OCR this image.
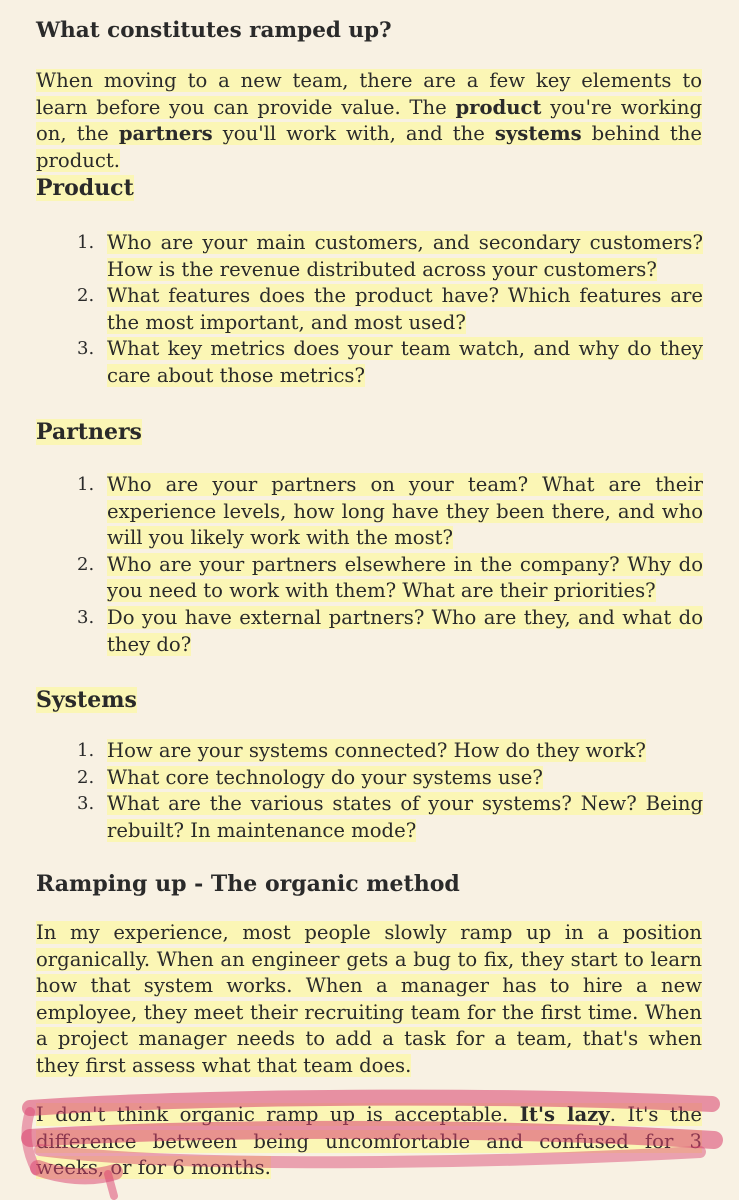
What constitutes ramped up?

When moving to a new team, there are a few key elements to learn before you can provide value. The product you're working on, the partners you'll work with, and the systems behind the product.

Product
1. Who are your main customers, and secondary customers? How is the revenue distributed across your customers?
2. What features does the product have? Which features are the most important, and most used?
3. What key metrics does your team watch, and why do they care about those metrics?
Partners
1. Who are your partners on your team? What are their experience levels, how long have they been there, and who will you likely work with the most?
2. Who are your partners elsewhere in the company? Why do you need to work with them? What are their priorities?
3. Do you have external partners? Who are they, and what do they do?
Systems
1. How are your systems connected? How do they work?
2. What core technology do your systems use?
3. What are the various states of your systems? New? Being rebuilt? In maintenance mode?
Ramping up - The organic method

In my experience, most people slowly ramp up in a position organically. When an engineer gets a bug to fix, they start to learn how that system works. When a manager has to hire a new employee, they meet their recruiting team for the first time. When a project manager needs to add a task for a team, that's when they first assess what that team does.

I don't think organic ramp up is acceptable. It's lazy. It's the difference between being uncomfortable and confused for 3 weeks, or for 6 months.
